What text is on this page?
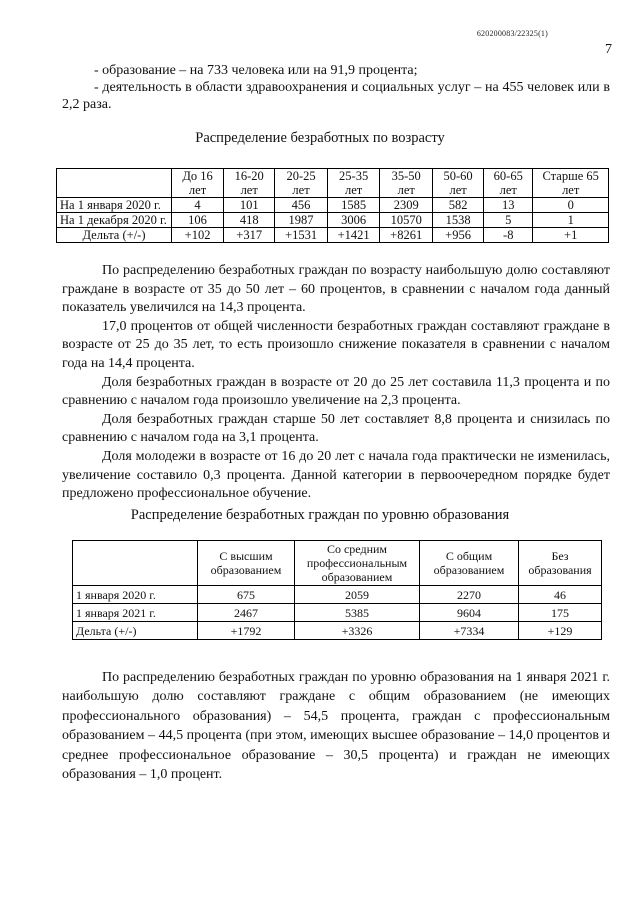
620200083/22325(1)
7

- образование – на 733 человека или на 91,9 процента;

- деятельность в области здравоохранения и социальных услуг – на 455 человек или в 2,2 раза.

Распределение безработных по возрасту
	До 16 лет	16-20 лет	20-25 лет	25-35 лет	35-50 лет	50-60 лет	60-65 лет	Старше 65 лет
На 1 января 2020 г.	4	101	456	1585	2309	582	13	0
На 1 декабря 2020 г.	106	418	1987	3006	10570	1538	5	1
Дельта (+/-)	+102	+317	+1531	+1421	+8261	+956	-8	+1

По распределению безработных граждан по возрасту наибольшую долю составляют граждане в возрасте от 35 до 50 лет – 60 процентов, в сравнении с началом года данный показатель увеличился на 14,3 процента.

17,0 процентов от общей численности безработных граждан составляют граждане в возрасте от 25 до 35 лет, то есть произошло снижение показателя в сравнении с началом года на 14,4 процента.

Доля безработных граждан в возрасте от 20 до 25 лет составила 11,3 процента и по сравнению с началом года произошло увеличение на 2,3 процента.

Доля безработных граждан старше 50 лет составляет 8,8 процента и снизилась по сравнению с началом года на 3,1 процента.

Доля молодежи в возрасте от 16 до 20 лет с начала года практически не изменилась, увеличение составило 0,3 процента. Данной категории в первоочередном порядке будет предложено профессиональное обучение.

Распределение безработных граждан по уровню образования
	С высшим образованием	Со средним профессиональным образованием	С общим образованием	Без образования
1 января 2020 г.	675	2059	2270	46
1 января 2021 г.	2467	5385	9604	175
Дельта (+/-)	+1792	+3326	+7334	+129

По распределению безработных граждан по уровню образования на 1 января 2021 г. наибольшую долю составляют граждане с общим образованием (не имеющих профессионального образования) – 54,5 процента, граждан с профессиональным образованием – 44,5 процента (при этом, имеющих высшее образование – 14,0 процентов и среднее профессиональное образование – 30,5 процента) и граждан не имеющих образования – 1,0 процент.
